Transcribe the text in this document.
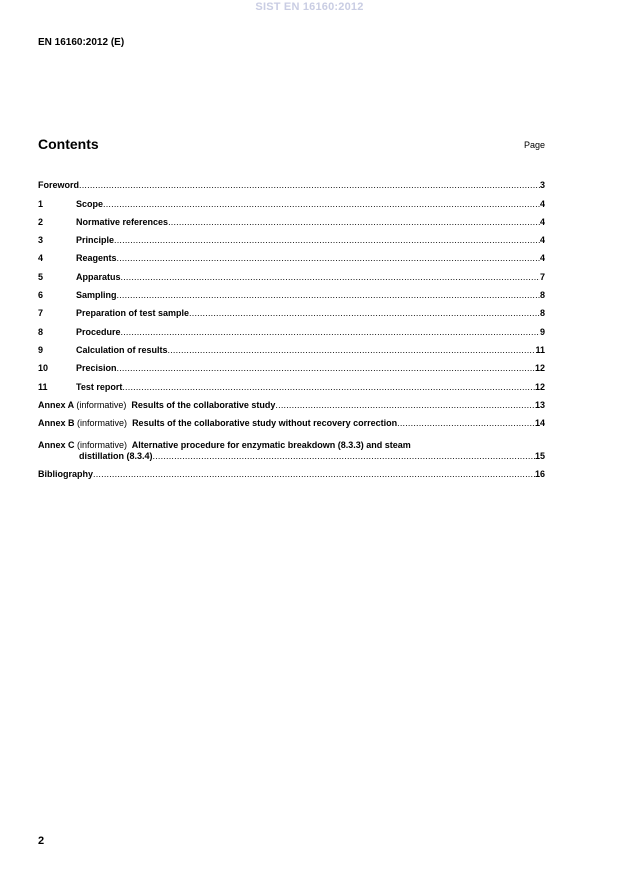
SIST EN 16160:2012
EN 16160:2012 (E)
Contents	Page
Foreword .....	3
1	Scope .....	4
2	Normative references .....	4
3	Principle .....	4
4	Reagents .....	4
5	Apparatus .....	7
6	Sampling .....	8
7	Preparation of test sample .....	8
8	Procedure .....	9
9	Calculation of results .....	11
10	Precision .....	12
11	Test report .....	12
Annex A (informative) Results of the collaborative study .....	13
Annex B (informative) Results of the collaborative study without recovery correction .....	14
Annex C (informative) Alternative procedure for enzymatic breakdown (8.3.3) and steam
distillation (8.3.4) .....	15
Bibliography .....	16
2
